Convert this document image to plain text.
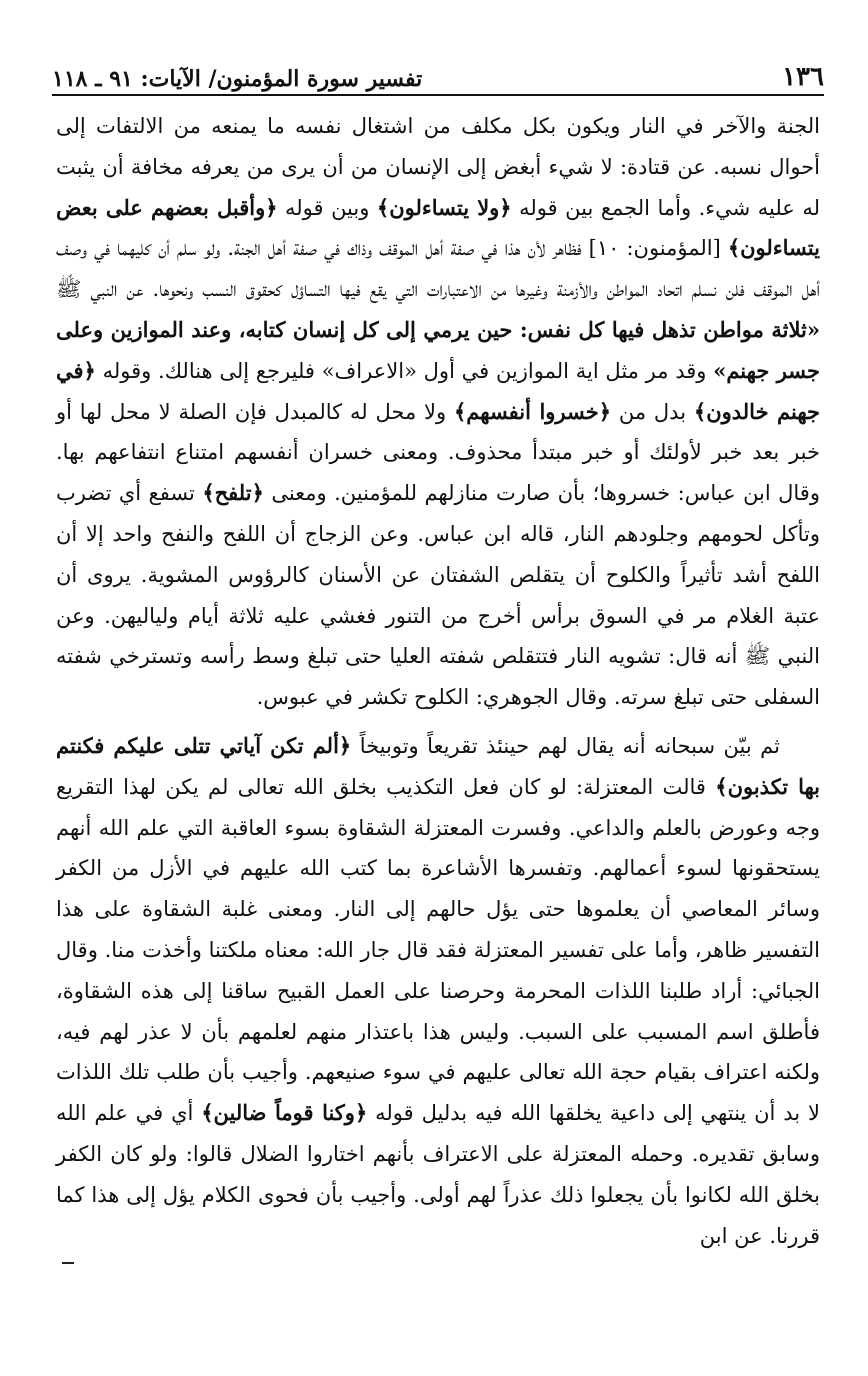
١٣٦
تفسير سورة المؤمنون/ الآيات: ٩١ ـ ١١٨

الجنة والآخر في النار ويكون بكل مكلف من اشتغال نفسه ما يمنعه من الالتفات إلى أحوال نسبه. عن قتادة: لا شيء أبغض إلى الإنسان من أن يرى من يعرفه مخافة أن يثبت له عليه شيء. وأما الجمع بين قوله ﴿ولا يتساءلون﴾ وبين قوله ﴿وأقبل بعضهم على بعض يتساءلون﴾ [المؤمنون: ١٠] فظاهر لأن هذا في صفة أهل الموقف وذاك في صفة أهل الجنة. ولو سلم أن كليهما في وصف أهل الموقف فلن نسلم اتحاد المواطن والأزمنة وغيرها من الاعتبارات التي يقع فيها التساؤل كحقوق النسب ونحوها. عن النبي ﷺ «ثلاثة مواطن تذهل فيها كل نفس: حين يرمي إلى كل إنسان كتابه، وعند الموازين وعلى جسر جهنم» وقد مر مثل اية الموازين في أول «الاعراف» فليرجع إلى هنالك. وقوله ﴿في جهنم خالدون﴾ بدل من ﴿خسروا أنفسهم﴾ ولا محل له كالمبدل فإن الصلة لا محل لها أو خبر بعد خبر لأولئك أو خبر مبتدأ محذوف. ومعنى خسران أنفسهم امتناع انتفاعهم بها. وقال ابن عباس: خسروها؛ بأن صارت منازلهم للمؤمنين. ومعنى ﴿تلفح﴾ تسفع أي تضرب وتأكل لحومهم وجلودهم النار، قاله ابن عباس. وعن الزجاج أن اللفح والنفح واحد إلا أن اللفح أشد تأثيراً والكلوح أن يتقلص الشفتان عن الأسنان كالرؤوس المشوية. يروى أن عتبة الغلام مر في السوق برأس أخرج من التنور فغشي عليه ثلاثة أيام ولياليهن. وعن النبي ﷺ أنه قال: تشويه النار فتتقلص شفته العليا حتى تبلغ وسط رأسه وتسترخي شفته السفلى حتى تبلغ سرته. وقال الجوهري: الكلوح تكشر في عبوس.

ثم بيّن سبحانه أنه يقال لهم حينئذ تقريعاً وتوبيخاً ﴿ألم تكن آياتي تتلى عليكم فكنتم بها تكذبون﴾ قالت المعتزلة: لو كان فعل التكذيب بخلق الله تعالى لم يكن لهذا التقريع وجه وعورض بالعلم والداعي. وفسرت المعتزلة الشقاوة بسوء العاقبة التي علم الله أنهم يستحقونها لسوء أعمالهم. وتفسرها الأشاعرة بما كتب الله عليهم في الأزل من الكفر وسائر المعاصي أن يعلموها حتى يؤل حالهم إلى النار. ومعنى غلبة الشقاوة على هذا التفسير ظاهر، وأما على تفسير المعتزلة فقد قال جار الله: معناه ملكتنا وأخذت منا. وقال الجبائي: أراد طلبنا اللذات المحرمة وحرصنا على العمل القبيح ساقنا إلى هذه الشقاوة، فأطلق اسم المسبب على السبب. وليس هذا باعتذار منهم لعلمهم بأن لا عذر لهم فيه، ولكنه اعتراف بقيام حجة الله تعالى عليهم في سوء صنيعهم. وأجيب بأن طلب تلك اللذات لا بد أن ينتهي إلى داعية يخلقها الله فيه بدليل قوله ﴿وكنا قوماً ضالين﴾ أي في علم الله وسابق تقديره. وحمله المعتزلة على الاعتراف بأنهم اختاروا الضلال قالوا: ولو كان الكفر بخلق الله لكانوا بأن يجعلوا ذلك عذراً لهم أولى. وأجيب بأن فحوى الكلام يؤل إلى هذا كما قررنا. عن ابن
